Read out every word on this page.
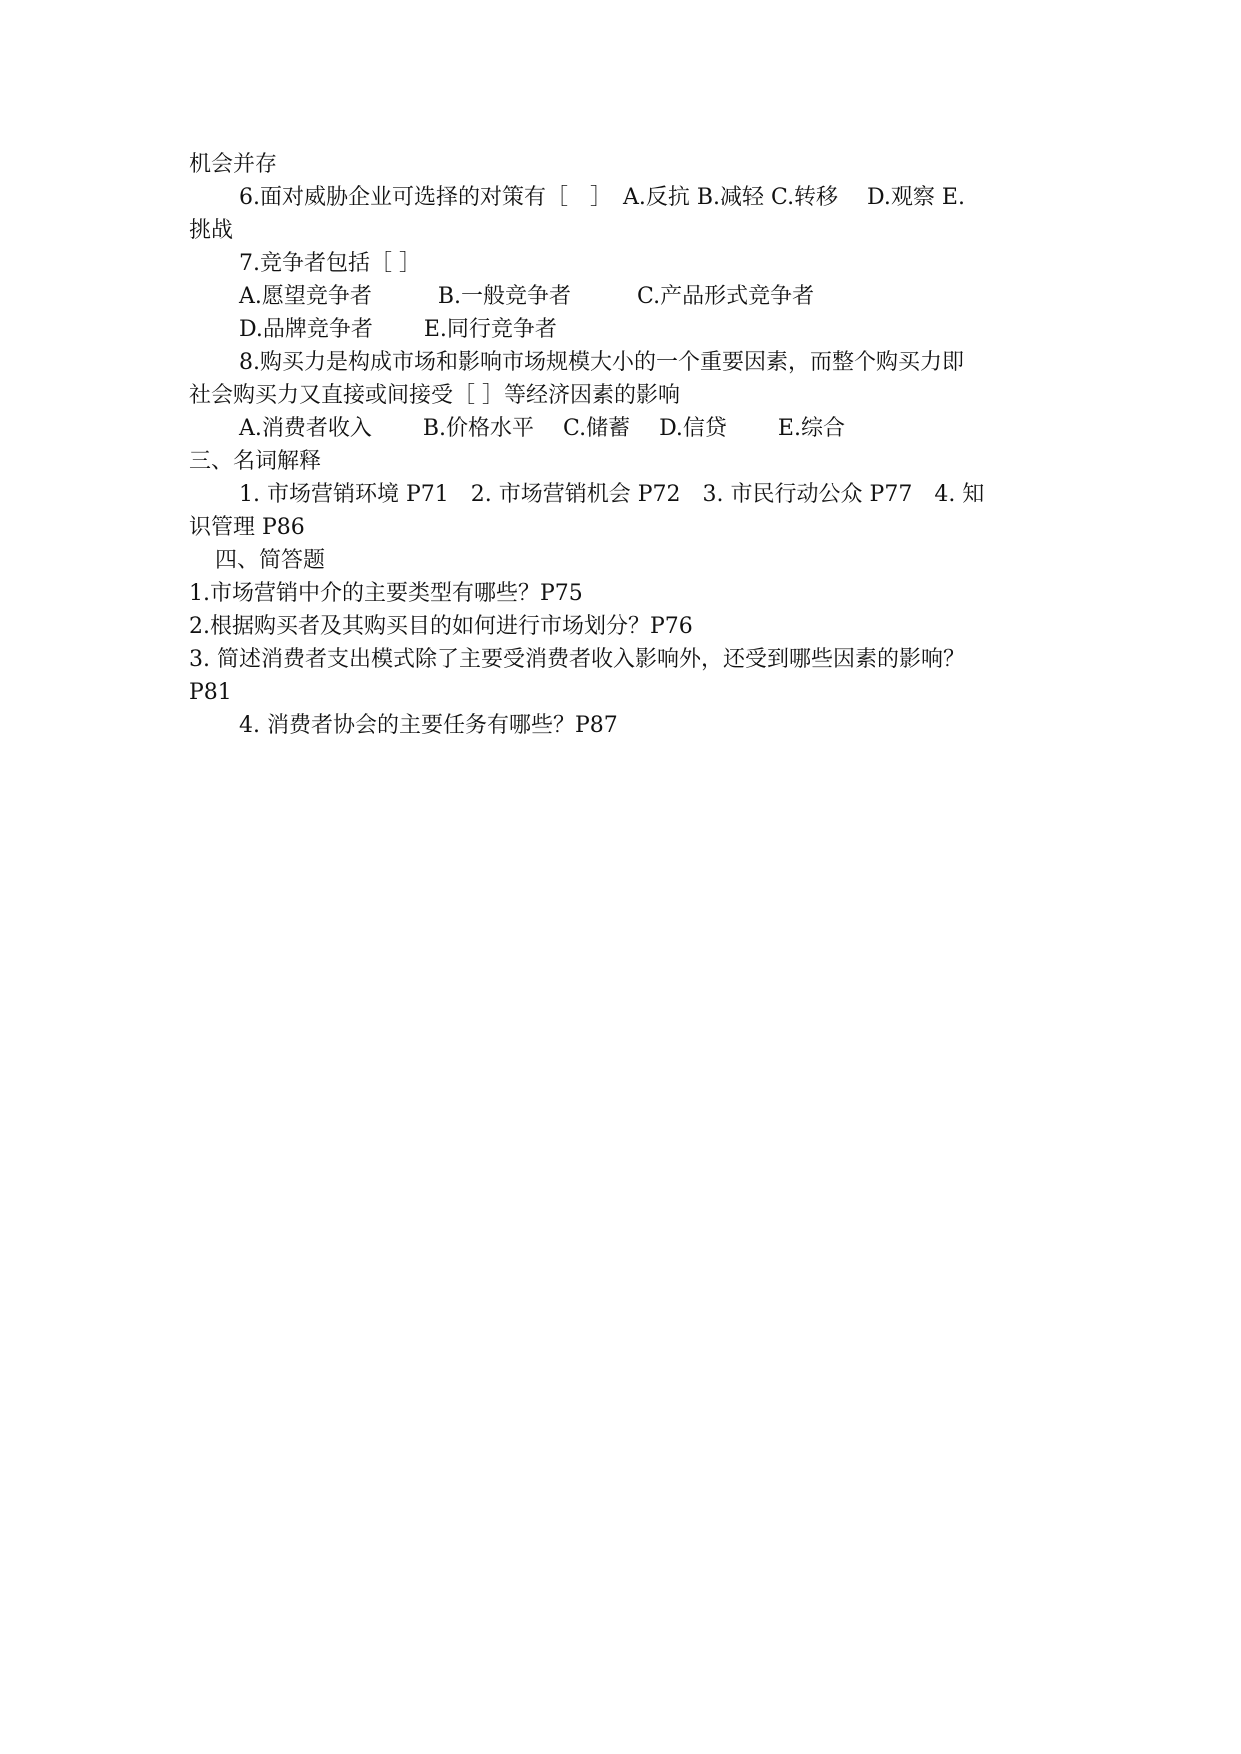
机会并存
6.面对威胁企业可选择的对策有［　］　A.反抗 B.减轻 C.转移　 D.观察 E.
挑战
7.竞争者包括［ ］
A.愿望竞争者　　　B.一般竞争者　　　C.产品形式竞争者
D.品牌竞争者　　 E.同行竞争者
8.购买力是构成市场和影响市场规模大小的一个重要因素，而整个购买力即
社会购买力又直接或间接受［ ］等经济因素的影响
A.消费者收入　　 B.价格水平　 C.储蓄　 D.信贷　　 E.综合
三、名词解释
1. 市场营销环境 P71　2. 市场营销机会 P72　3. 市民行动公众 P77　4. 知
识管理 P86
四、简答题
1.市场营销中介的主要类型有哪些？P75
2.根据购买者及其购买目的如何进行市场划分？P76
3. 简述消费者支出模式除了主要受消费者收入影响外，还受到哪些因素的影响？
P81
4. 消费者协会的主要任务有哪些？P87
